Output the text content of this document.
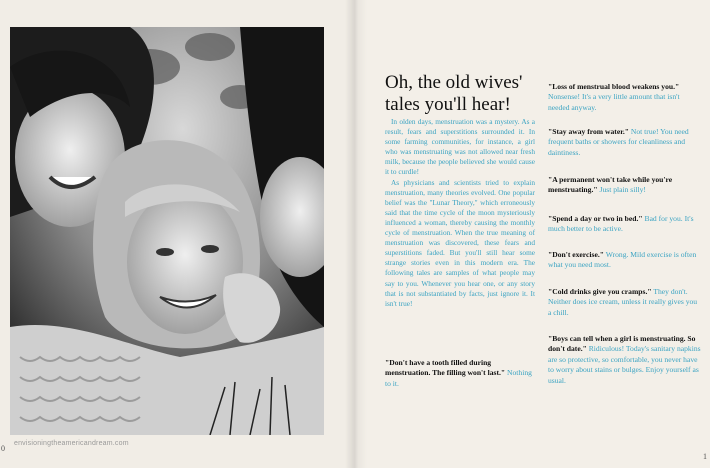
envisioningtheamericandream.com
0
1
Oh, the old wives' tales you'll hear!

In olden days, menstruation was a mystery. As a result, fears and superstitions surrounded it. In some farming communities, for instance, a girl who was menstruating was not allowed near fresh milk, because the people believed she would cause it to curdle!

As physicians and scientists tried to explain menstruation, many theories evolved. One popular belief was the "Lunar Theory," which erroneously said that the time cycle of the moon mysteriously influenced a woman, thereby causing the monthly cycle of menstruation. When the true meaning of menstruation was discovered, these fears and superstitions faded. But you'll still hear some strange stories even in this modern era. The following tales are samples of what people may say to you. Whenever you hear one, or any story that is not substantiated by facts, just ignore it. It isn't true!

"Don't have a tooth filled during menstruation. The filling won't last." Nothing to it.
"Loss of menstrual blood weakens you." Nonsense! It's a very little amount that isn't needed anyway.
"Stay away from water." Not true! You need frequent baths or showers for cleanliness and daintiness.
"A permanent won't take while you're menstruating." Just plain silly!
"Spend a day or two in bed." Bad for you. It's much better to be active.
"Don't exercise." Wrong. Mild exercise is often what you need most.
"Cold drinks give you cramps." They don't. Neither does ice cream, unless it really gives you a chill.
"Boys can tell when a girl is menstruating. So don't date." Ridiculous! Today's sanitary napkins are so protective, so comfortable, you never have to worry about stains or bulges. Enjoy yourself as usual.
